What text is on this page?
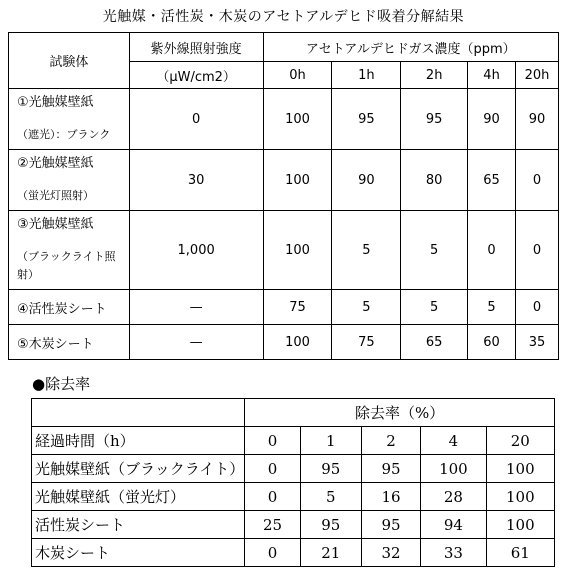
光触媒・活性炭・木炭のアセトアルデヒド吸着分解結果
試験体	紫外線照射強度	アセトアルデヒドガス濃度（ppm）				
	（μW/cm2）	0h	1h	2h	4h	20h

①光触媒壁紙
（遮光）：ブランク	0	100	95	95	90	90

②光触媒壁紙
（蛍光灯照射）	30	100	90	80	65	0

③光触媒壁紙
（ブラックライト照射）	1,000	100	5	5	0	0
④活性炭シート	—	75	5	5	5	0
⑤木炭シート	—	100	75	65	60	35
●除去率
	除去率（%）				
経過時間（h）	0	1	2	4	20
光触媒壁紙（ブラックライト）	0	95	95	100	100
光触媒壁紙（蛍光灯）	0	5	16	28	100
活性炭シート	25	95	95	94	100
木炭シート	0	21	32	33	61
